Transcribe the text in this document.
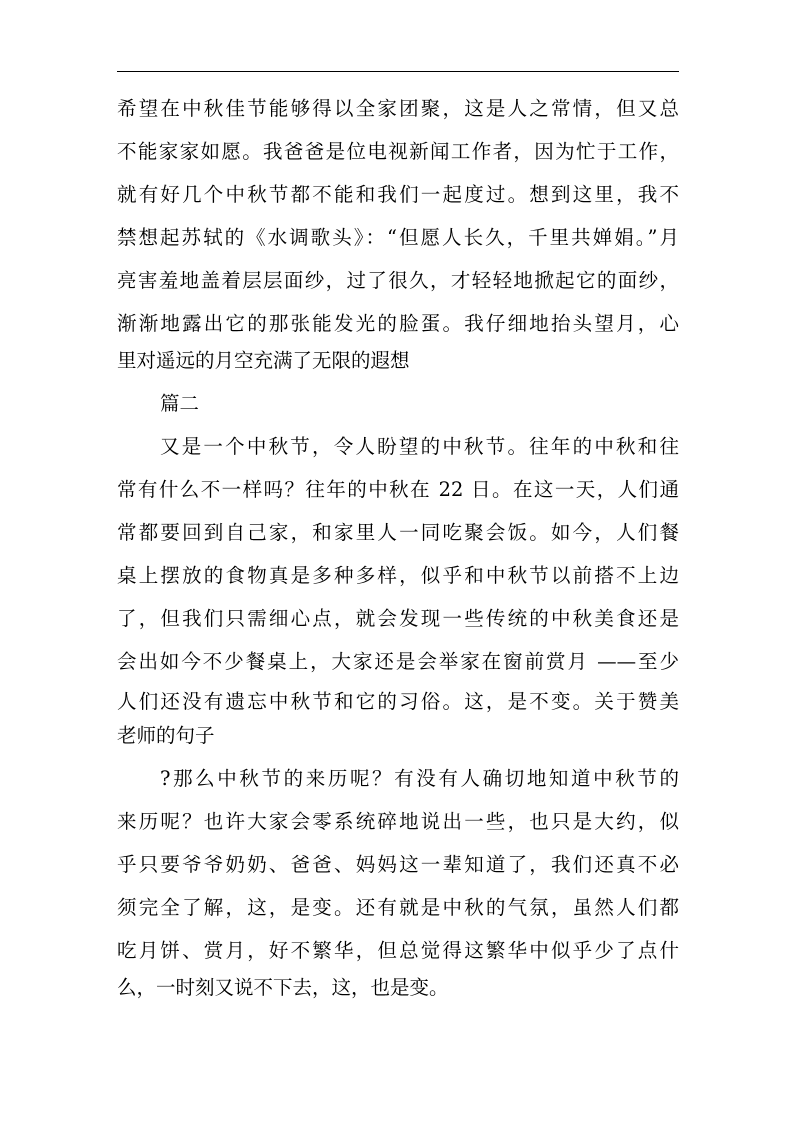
希望在中秋佳节能够得以全家团聚，这是人之常情，但又总
不能家家如愿。我爸爸是位电视新闻工作者，因为忙于工作，
就有好几个中秋节都不能和我们一起度过。想到这里，我不
禁想起苏轼的《水调歌头》：“但愿人长久，千里共婵娟。”月
亮害羞地盖着层层面纱，过了很久，才轻轻地掀起它的面纱，
渐渐地露出它的那张能发光的脸蛋。我仔细地抬头望月，心
里对遥远的月空充满了无限的遐想
篇二
又是一个中秋节，令人盼望的中秋节。往年的中秋和往
常有什么不一样吗？往年的中秋在 22 日。在这一天，人们通
常都要回到自己家，和家里人一同吃聚会饭。如今，人们餐
桌上摆放的食物真是多种多样，似乎和中秋节以前搭不上边
了，但我们只需细心点，就会发现一些传统的中秋美食还是
会出如今不少餐桌上，大家还是会举家在窗前赏月 ——至少
人们还没有遗忘中秋节和它的习俗。这，是不变。关于赞美
老师的句子
?那么中秋节的来历呢？有没有人确切地知道中秋节的
来历呢？也许大家会零系统碎地说出一些，也只是大约，似
乎只要爷爷奶奶、爸爸、妈妈这一辈知道了，我们还真不必
须完全了解，这，是变。还有就是中秋的气氛，虽然人们都
吃月饼、赏月，好不繁华，但总觉得这繁华中似乎少了点什
么，一时刻又说不下去，这，也是变。
